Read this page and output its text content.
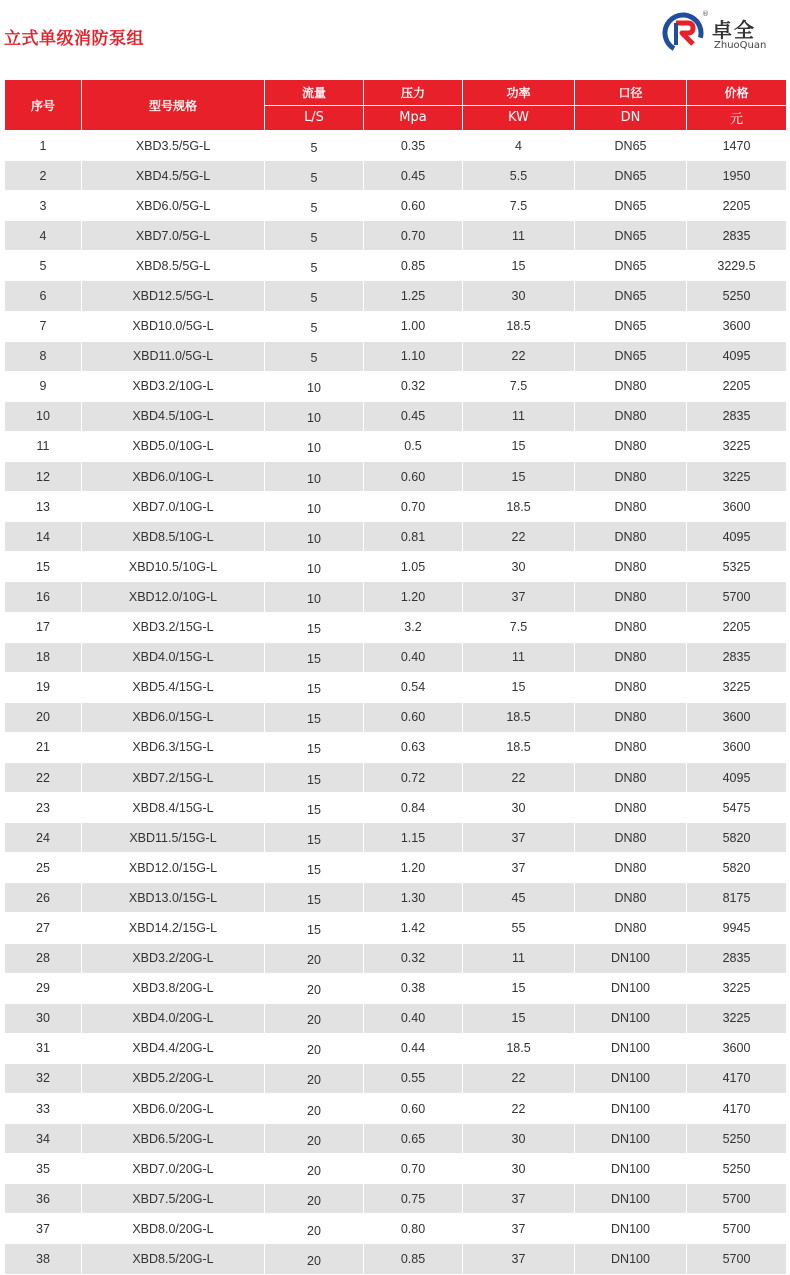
立式单级消防泵组
®
卓全
ZhuoQuan
序号	型号规格	流量	压力	功率	口径	价格
		L/S	Mpa	KW	DN	元
1	XBD3.5/5G-L	5	0.35	4	DN65	1470
2	XBD4.5/5G-L	5	0.45	5.5	DN65	1950
3	XBD6.0/5G-L	5	0.60	7.5	DN65	2205
4	XBD7.0/5G-L	5	0.70	11	DN65	2835
5	XBD8.5/5G-L	5	0.85	15	DN65	3229.5
6	XBD12.5/5G-L	5	1.25	30	DN65	5250
7	XBD10.0/5G-L	5	1.00	18.5	DN65	3600
8	XBD11.0/5G-L	5	1.10	22	DN65	4095
9	XBD3.2/10G-L	10	0.32	7.5	DN80	2205
10	XBD4.5/10G-L	10	0.45	11	DN80	2835
11	XBD5.0/10G-L	10	0.5	15	DN80	3225
12	XBD6.0/10G-L	10	0.60	15	DN80	3225
13	XBD7.0/10G-L	10	0.70	18.5	DN80	3600
14	XBD8.5/10G-L	10	0.81	22	DN80	4095
15	XBD10.5/10G-L	10	1.05	30	DN80	5325
16	XBD12.0/10G-L	10	1.20	37	DN80	5700
17	XBD3.2/15G-L	15	3.2	7.5	DN80	2205
18	XBD4.0/15G-L	15	0.40	11	DN80	2835
19	XBD5.4/15G-L	15	0.54	15	DN80	3225
20	XBD6.0/15G-L	15	0.60	18.5	DN80	3600
21	XBD6.3/15G-L	15	0.63	18.5	DN80	3600
22	XBD7.2/15G-L	15	0.72	22	DN80	4095
23	XBD8.4/15G-L	15	0.84	30	DN80	5475
24	XBD11.5/15G-L	15	1.15	37	DN80	5820
25	XBD12.0/15G-L	15	1.20	37	DN80	5820
26	XBD13.0/15G-L	15	1.30	45	DN80	8175
27	XBD14.2/15G-L	15	1.42	55	DN80	9945
28	XBD3.2/20G-L	20	0.32	11	DN100	2835
29	XBD3.8/20G-L	20	0.38	15	DN100	3225
30	XBD4.0/20G-L	20	0.40	15	DN100	3225
31	XBD4.4/20G-L	20	0.44	18.5	DN100	3600
32	XBD5.2/20G-L	20	0.55	22	DN100	4170
33	XBD6.0/20G-L	20	0.60	22	DN100	4170
34	XBD6.5/20G-L	20	0.65	30	DN100	5250
35	XBD7.0/20G-L	20	0.70	30	DN100	5250
36	XBD7.5/20G-L	20	0.75	37	DN100	5700
37	XBD8.0/20G-L	20	0.80	37	DN100	5700
38	XBD8.5/20G-L	20	0.85	37	DN100	5700
